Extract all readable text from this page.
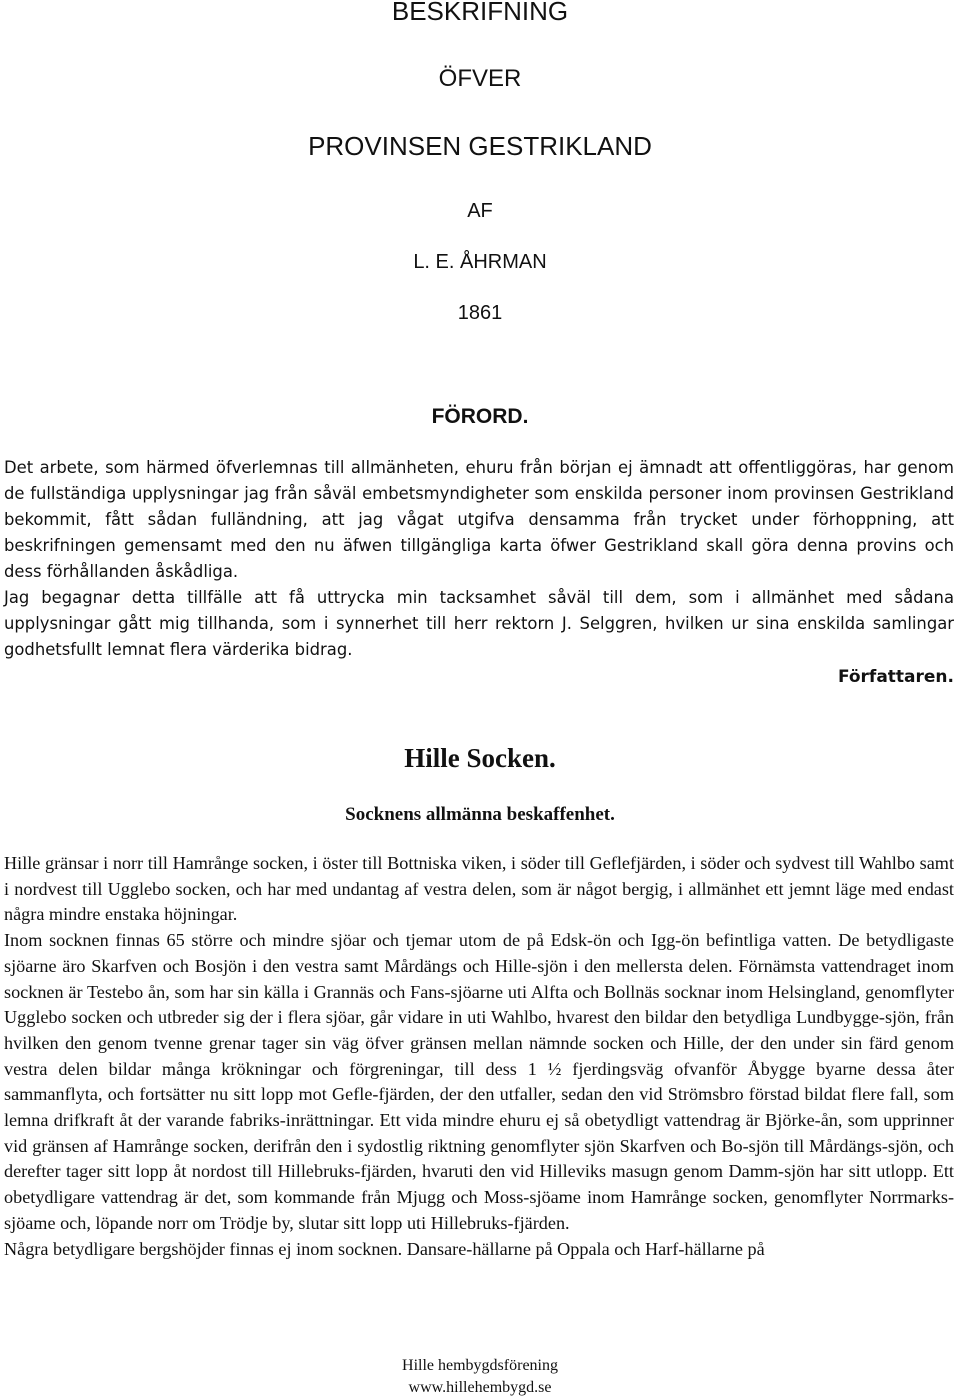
BESKRIFNING
ÖFVER
PROVINSEN GESTRIKLAND
AF
L. E. ÅHRMAN
1861
FÖRORD.

Det arbete, som härmed öfverlemnas till allmänheten, ehuru från början ej ämnadt att offentliggöras, har genom de fullständiga upplysningar jag från såväl embetsmyndigheter som enskilda personer inom provinsen Gestrikland bekommit, fått sådan fulländning, att jag vågat utgifva densamma från trycket under förhoppning, att beskrifningen gemensamt med den nu äfwen tillgängliga karta öfwer Gestrikland skall göra denna provins och dess förhållanden åskådliga.

Jag begagnar detta tillfälle att få uttrycka min tacksamhet såväl till dem, som i allmänhet med sådana upplysningar gått mig tillhanda, som i synnerhet till herr rektorn J. Selggren, hvilken ur sina enskilda samlingar godhetsfullt lemnat flera värderika bidrag.

Författaren.
Hille Socken.
Socknens allmänna beskaffenhet.

Hille gränsar i norr till Hamrånge socken, i öster till Bottniska viken, i söder till Geflefjärden, i söder och sydvest till Wahlbo samt i nordvest till Ugglebo socken, och har med undantag af vestra delen, som är något bergig, i allmänhet ett jemnt läge med endast några mindre enstaka höjningar.

Inom socknen finnas 65 större och mindre sjöar och tjemar utom de på Edsk-ön och Igg-ön befintliga vatten. De betydligaste sjöarne äro Skarfven och Bosjön i den vestra samt Mårdängs och Hille-sjön i den mellersta delen. Förnämsta vattendraget inom socknen är Testebo ån, som har sin källa i Grannäs och Fans-sjöarne uti Alfta och Bollnäs socknar inom Helsingland, genomflyter Ugglebo socken och utbreder sig der i flera sjöar, går vidare in uti Wahlbo, hvarest den bildar den betydliga Lundbygge-sjön, från hvilken den genom tvenne grenar tager sin väg öfver gränsen mellan nämnde socken och Hille, der den under sin färd genom vestra delen bildar många krökningar och förgreningar, till dess 1 ½ fjerdingsväg ofvanför Åbygge byarne dessa åter sammanflyta, och fortsätter nu sitt lopp mot Gefle-fjärden, der den utfaller, sedan den vid Strömsbro förstad bildat flere fall, som lemna drifkraft åt der varande fabriks-inrättningar. Ett vida mindre ehuru ej så obetydligt vattendrag är Björke-ån, som upprinner vid gränsen af Hamrånge socken, derifrån den i sydostlig riktning genomflyter sjön Skarfven och Bo-sjön till Mårdängs-sjön, och derefter tager sitt lopp åt nordost till Hillebruks-fjärden, hvaruti den vid Hilleviks masugn genom Damm-sjön har sitt utlopp. Ett obetydligare vattendrag är det, som kommande från Mjugg och Moss-sjöame inom Hamrånge socken, genomflyter Norrmarks-sjöame och, löpande norr om Trödje by, slutar sitt lopp uti Hillebruks-fjärden.

Några betydligare bergshöjder finnas ej inom socknen. Dansare-hällarne på Oppala och Harf-hällarne på

Hille hembygdsförening
www.hillehembygd.se
